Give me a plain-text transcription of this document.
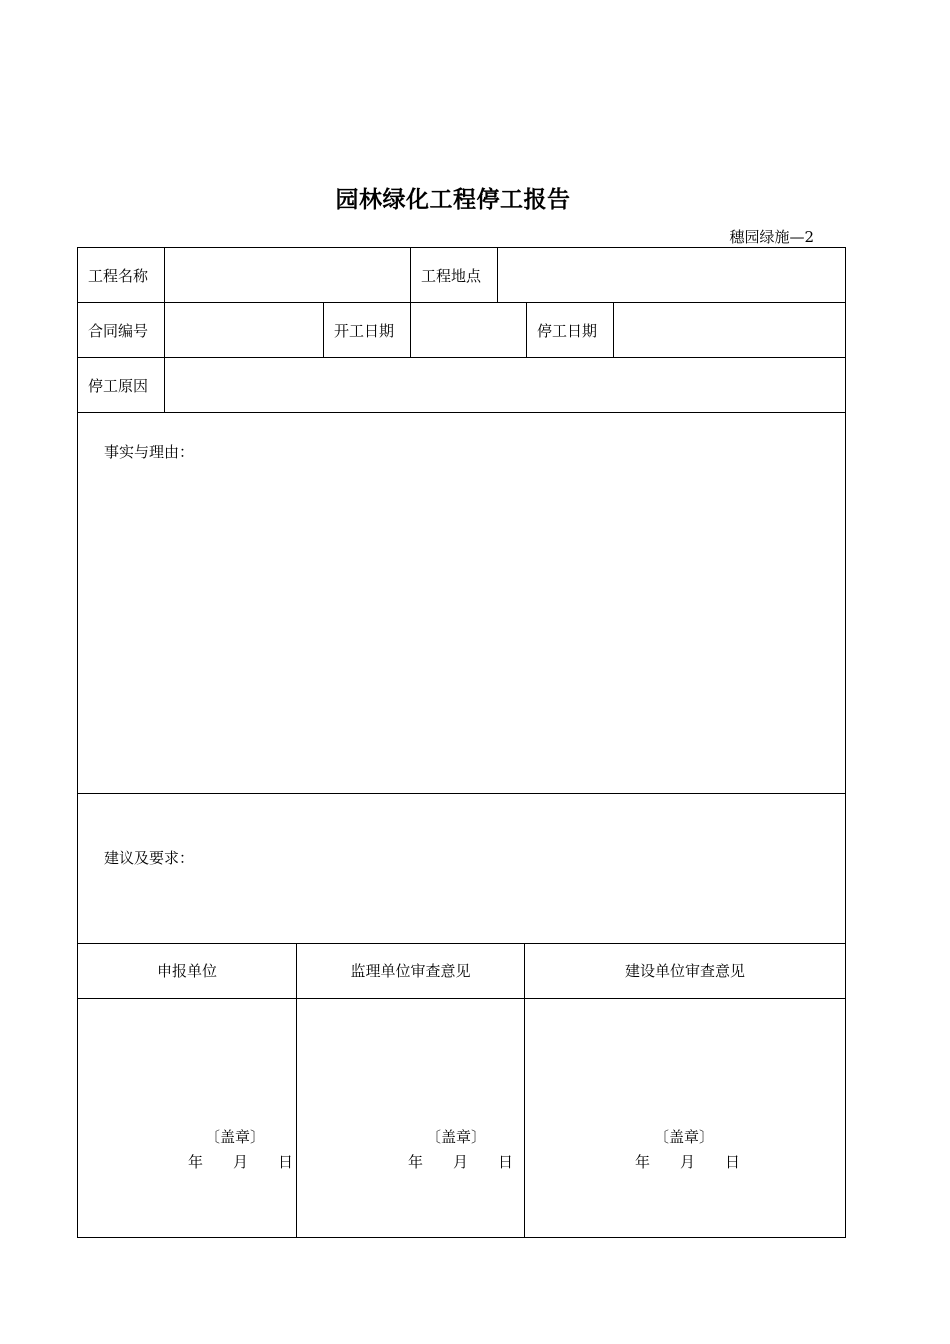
园林绿化工程停工报告
穗园绿施—2
工程名称	工程地点
合同编号	开工日期	停工日期
停工原因
事实与理由：
建议及要求：
申报单位	监理单位审查意见	建设单位审查意见
〔盖章〕	〔盖章〕	〔盖章〕
年　　月　　日	年　　月　　日	年　　月　　日
